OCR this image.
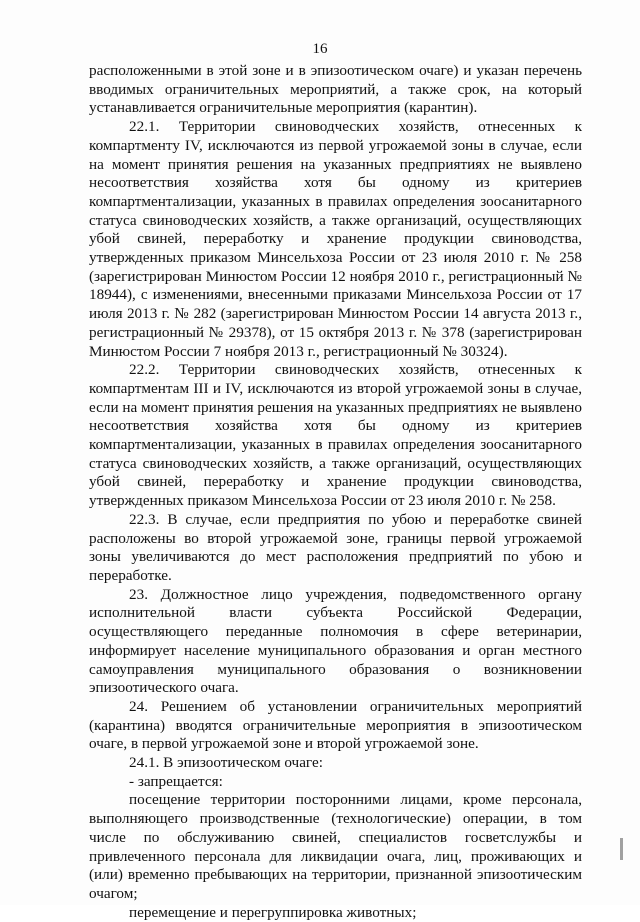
16

расположенными в этой зоне и в эпизоотическом очаге) и указан перечень вводимых ограничительных мероприятий, а также срок, на который устанавливается ограничительные мероприятия (карантин).

22.1. Территории свиноводческих хозяйств, отнесенных к компартменту IV, исключаются из первой угрожаемой зоны в случае, если на момент принятия решения на указанных предприятиях не выявлено несоответствия хозяйства хотя бы одному из критериев компартментализации, указанных в правилах определения зоосанитарного статуса свиноводческих хозяйств, а также организаций, осуществляющих убой свиней, переработку и хранение продукции свиноводства, утвержденных приказом Минсельхоза России от 23 июля 2010 г. № 258 (зарегистрирован Минюстом России 12 ноября 2010 г., регистрационный № 18944), с изменениями, внесенными приказами Минсельхоза России от 17 июля 2013 г. № 282 (зарегистрирован Минюстом России 14 августа 2013 г., регистрационный № 29378), от 15 октября 2013 г. № 378 (зарегистрирован Минюстом России 7 ноября 2013 г., регистрационный № 30324).

22.2. Территории свиноводческих хозяйств, отнесенных к компартментам III и IV, исключаются из второй угрожаемой зоны в случае, если на момент принятия решения на указанных предприятиях не выявлено несоответствия хозяйства хотя бы одному из критериев компартментализации, указанных в правилах определения зоосанитарного статуса свиноводческих хозяйств, а также организаций, осуществляющих убой свиней, переработку и хранение продукции свиноводства, утвержденных приказом Минсельхоза России от 23 июля 2010 г. № 258.

22.3. В случае, если предприятия по убою и переработке свиней расположены во второй угрожаемой зоне, границы первой угрожаемой зоны увеличиваются до мест расположения предприятий по убою и переработке.

23. Должностное лицо учреждения, подведомственного органу исполнительной власти субъекта Российской Федерации, осуществляющего переданные полномочия в сфере ветеринарии, информирует население муниципального образования и орган местного самоуправления муниципального образования о возникновении эпизоотического очага.

24. Решением об установлении ограничительных мероприятий (карантина) вводятся ограничительные мероприятия в эпизоотическом очаге, в первой угрожаемой зоне и второй угрожаемой зоне.

24.1. В эпизоотическом очаге:

- запрещается:

посещение территории посторонними лицами, кроме персонала, выполняющего производственные (технологические) операции, в том числе по обслуживанию свиней, специалистов госветслужбы и привлеченного персонала для ликвидации очага, лиц, проживающих и (или) временно пребывающих на территории, признанной эпизоотическим очагом;

перемещение и перегруппировка животных;
